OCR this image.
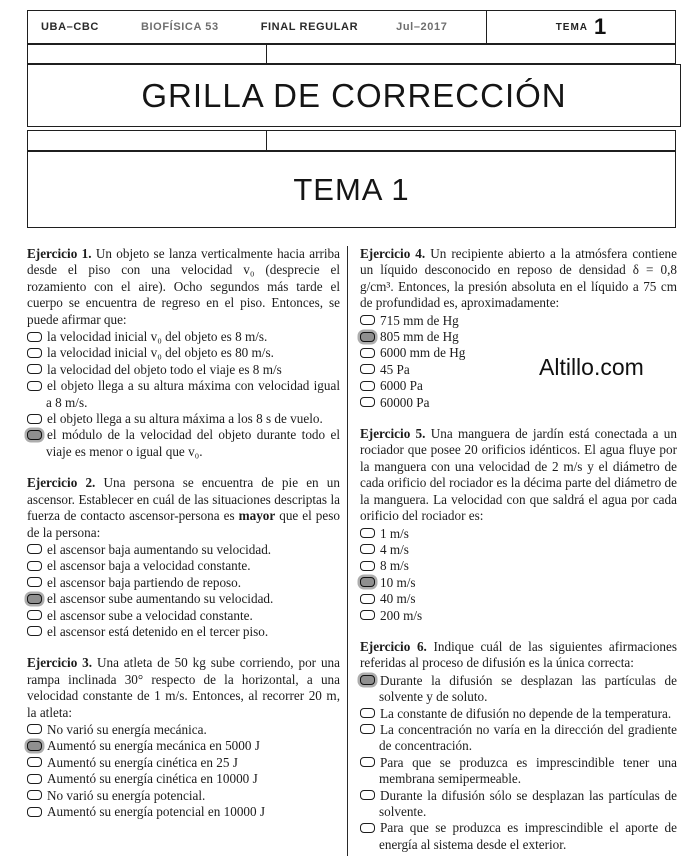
UBA–CBC	BIOFÍSICA 53	FINAL REGULAR	Jul–2017	TEMA 1
GRILLA DE CORRECCIÓN
TEMA 1

Ejercicio 1. Un objeto se lanza verticalmente hacia arriba desde el piso con una velocidad v₀ (desprecie el rozamiento con el aire). Ocho segundos más tarde el cuerpo se encuentra de regreso en el piso. Entonces, se puede afirmar que:

la velocidad inicial v₀ del objeto es 8 m/s.
la velocidad inicial v₀ del objeto es 80 m/s.
la velocidad del objeto todo el viaje es 8 m/s
el objeto llega a su altura máxima con velocidad igual a 8 m/s.
el objeto llega a su altura máxima a los 8 s de vuelo.
el módulo de la velocidad del objeto durante todo el viaje es menor o igual que v₀.

Ejercicio 2. Una persona se encuentra de pie en un ascensor. Establecer en cuál de las situaciones descriptas la fuerza de contacto ascensor-persona es mayor que el peso de la persona:

el ascensor baja aumentando su velocidad.
el ascensor baja a velocidad constante.
el ascensor baja partiendo de reposo.
el ascensor sube aumentando su velocidad.
el ascensor sube a velocidad constante.
el ascensor está detenido en el tercer piso.

Ejercicio 3. Una atleta de 50 kg sube corriendo, por una rampa inclinada 30° respecto de la horizontal, a una velocidad constante de 1 m/s. Entonces, al recorrer 20 m, la atleta:

No varió su energía mecánica.
Aumentó su energía mecánica en 5000 J
Aumentó su energía cinética en 25 J
Aumentó su energía cinética en 10000 J
No varió su energía potencial.
Aumentó su energía potencial en 10000 J

Ejercicio 4. Un recipiente abierto a la atmósfera contiene un líquido desconocido en reposo de densidad δ = 0,8 g/cm³. Entonces, la presión absoluta en el líquido a 75 cm de profundidad es, aproximadamente:

715 mm de Hg
805 mm de Hg
6000 mm de Hg
45 Pa
6000 Pa
60000 Pa

Ejercicio 5. Una manguera de jardín está conectada a un rociador que posee 20 orificios idénticos. El agua fluye por la manguera con una velocidad de 2 m/s y el diámetro de cada orificio del rociador es la décima parte del diámetro de la manguera. La velocidad con que saldrá el agua por cada orificio del rociador es:

1 m/s
4 m/s
8 m/s
10 m/s
40 m/s
200 m/s

Ejercicio 6. Indique cuál de las siguientes afirmaciones referidas al proceso de difusión es la única correcta:

Durante la difusión se desplazan las partículas de solvente y de soluto.
La constante de difusión no depende de la temperatura.
La concentración no varía en la dirección del gradiente de concentración.
Para que se produzca es imprescindible tener una membrana semipermeable.
Durante la difusión sólo se desplazan las partículas de solvente.
Para que se produzca es imprescindible el aporte de energía al sistema desde el exterior.
Altillo.com
